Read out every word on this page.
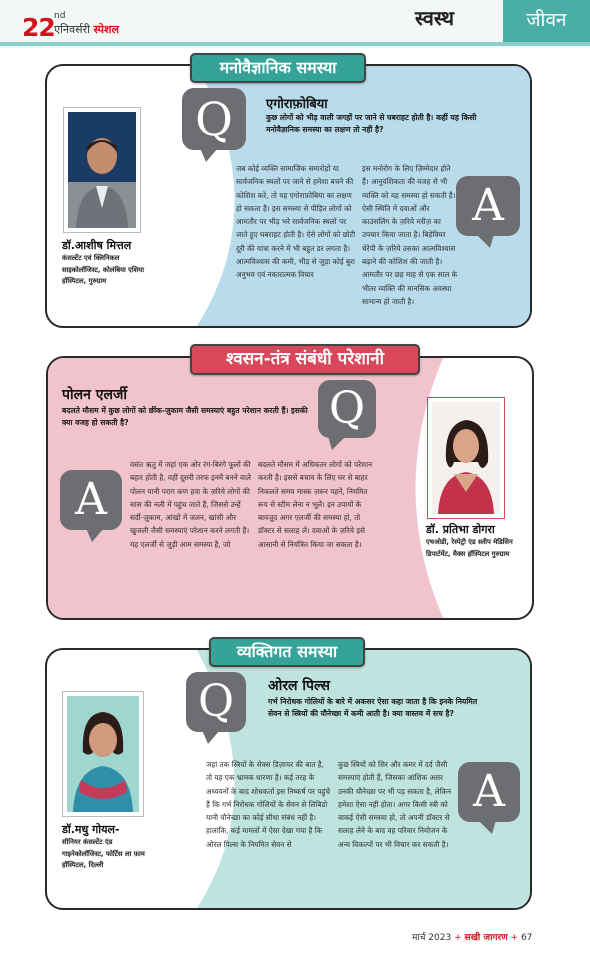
22 nd
एनिवर्सरी स्पेशल	स्वस्थ	जीवन
मनोवैज्ञानिक समस्या
डॉ.आशीष मित्तल
कंसल्टेंट एवं क्लिनिकल साइकोलॉजिस्ट, कोलंबिया एशिया हॉस्पिटल, गुरुग्राम
Q	एगोराफ़ोबिया
कुछ लोगों को भीड़ वाली जगहों पर जाने से घबराहट होती है। कहीं यह किसी मनोवैज्ञानिक समस्या का लक्षण तो नहीं है?
जब कोई व्यक्ति सामाजिक समारोहों या सार्वजनिक स्थलों पर जाने से हमेशा बचने की कोशिश करे, तो यह एगोराफ़ोबिया का लक्षण हो सकता है। इस समस्या से पीड़ित लोगों को आमतौर पर भीड़ भरे सार्वजनिक स्थलों पर जाते हुए घबराहट होती है। ऐसे लोगों को छोटी दूरी की यात्रा करने में भी बहुत डर लगता है। आत्मविश्वास की कमी, भीड़ से जुड़ा कोई बुरा अनुभव एवं नकारात्मक विचार
इस मनोरोग के लिए ज़िम्मेदार होते हैं। आनुवंशिकता की वजह से भी व्यक्ति को यह समस्या हो सकती है। ऐसी स्थिति में दवाओं और काउंसलिंग के ज़रिये मरीज़ का उपचार किया जाता है। बिहेवियर थेरेपी के ज़रिये उसका आत्मविश्वास बढ़ाने की कोशिश की जाती है। आमतौर पर छह माह से एक साल के भीतर व्यक्ति की मानसिक अवस्था सामान्य हो जाती है।
A
श्वसन-तंत्र संबंधी परेशानी
पोलन एलर्जी
बदलते मौसम में कुछ लोगों को छींक-ज़ुकाम जैसी समस्याएं बहुत परेशान करती हैं। इसकी क्या वजह हो सकती है?	Q
A
वसंत ऋतु में जहां एक ओर रंग-बिरंगे फूलों की बहार होती है, वहीं दूसरी तरफ इनमें बनने वाले पोलन यानी पराग कण हवा के ज़रिये लोगों की सांस की नली में पहुंच जाते हैं, जिससे उन्हें सर्दी-ज़ुकाम, आंखों में जलन, खांसी और खुजली जैसी समस्याएं परेशान करने लगती हैं। यह एलर्जी से जुड़ी आम समस्या है, जो
बदलते मौसम में अधिकतर लोगों को परेशान करती है। इससे बचाव के लिए घर से बाहर निकलते समय मास्क ज़रूर पहनें, नियमित रूप से स्टीम लेना न भूलें। इन उपायों के बावज़ूद अगर एलर्जी की समस्या हो, तो डॉक्टर से सलाह लें। दवाओं के ज़रिये इसे आसानी से नियंत्रित किया जा सकता है।
डॉ. प्रतिभा डोगरा
एचओडी, रेस्पेट्री एंड स्लीप मेडिसिन डिपार्टमेंट, मैक्स हॉस्पिटल गुरुग्राम
व्यक्तिगत समस्या
डॉ.मधु गोयल-
सीनियर कंसल्टेंट एंड गाइनेकोलॉजिस्ट, फोर्टिस ला फ़ाम हॉस्पिटल, दिल्ली
Q	ओरल पिल्स
गर्भ निरोधक गोलियों के बारे में अकसर ऐसा कहा जाता है कि इनके नियमित सेवन से स्त्रियों की यौनेच्छा में कमी आती है। क्या वास्तव में सच है?
जहां तक स्त्रियों के सेक्स डिज़ायर की बात है, तो यह एक भ्रामक धारणा है। कई तरह के अध्ययनों के बाद शोधकर्ता इस निष्कर्ष पर पहुंचे हैं कि गर्भ निरोधक गोलियों के सेवन से लिबिडो यानी यौनेच्छा का कोई सीधा संबंध नहीं है। हालांकि, कई मामलों में ऐसा देखा गया है कि ओरल पिल्स के नियमित सेवन से
कुछ स्त्रियों को सिर और कमर में दर्द जैसी समस्याएं होती हैं, जिसका आंशिक असर उनकी यौनेच्छा पर भी पड़ सकता है, लेकिन हमेशा ऐसा नहीं होता। अगर किसी स्त्री को वाकई ऐसी समस्या हो, तो अपनी डॉक्टर से सलाह लेने के बाद वह परिवार नियोजन के अन्य विकल्पों पर भी विचार कर सकती है।
A
मार्च 2023 + सखी जागरण + 67
